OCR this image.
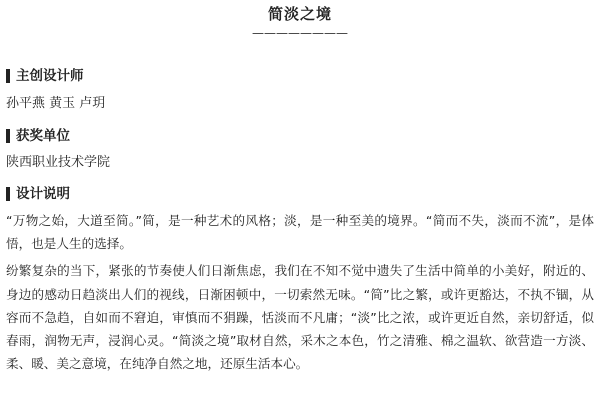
简淡之境
————————
主创设计师
孙平燕 黄玉 卢玥
获奖单位
陕西职业技术学院
设计说明

“万物之始，大道至简。”简，是一种艺术的风格；淡，是一种至美的境界。“简而不失，淡而不流”，是体悟，也是人生的选择。

纷繁复杂的当下，紧张的节奏使人们日渐焦虑，我们在不知不觉中遗失了生活中简单的小美好，附近的、身边的感动日趋淡出人们的视线，日渐困顿中，一切索然无味。“简”比之繁，或许更豁达，不执不锢，从容而不急趋，自如而不窘迫，审慎而不狷躁，恬淡而不凡庸；“淡”比之浓，或许更近自然，亲切舒适，似春雨，润物无声，浸润心灵。“简淡之境”取材自然，采木之本色，竹之清雅、棉之温软、欲营造一方淡、柔、暖、美之意境，在纯净自然之地，还原生活本心。
